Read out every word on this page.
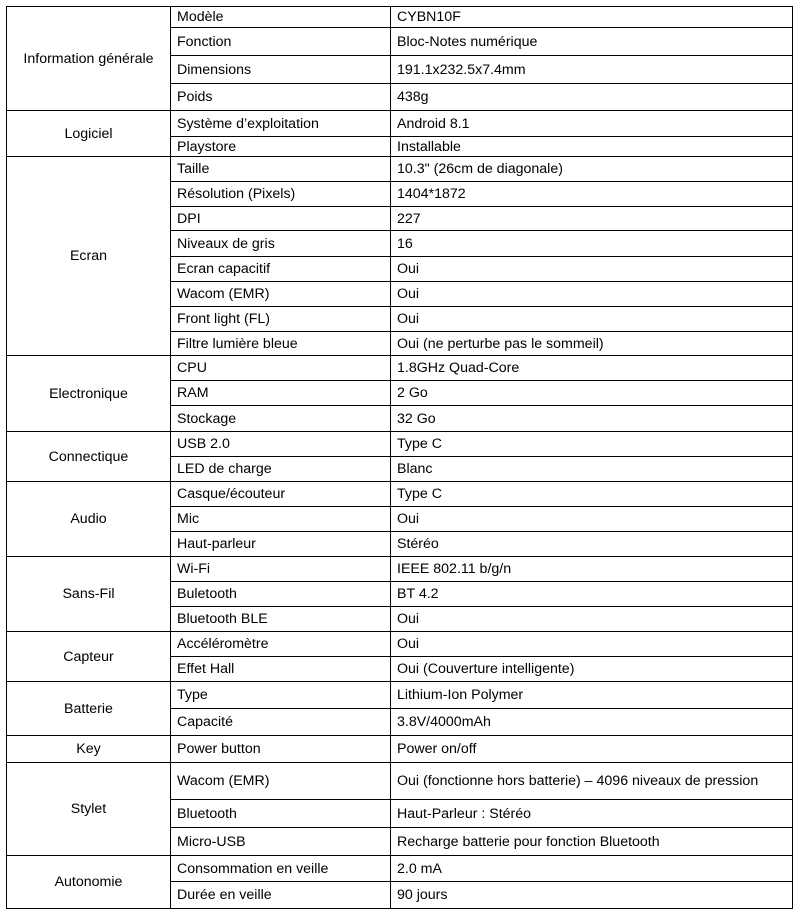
Information générale	Modèle	CYBN10F
	Fonction	Bloc-Notes numérique
	Dimensions	191.1x232.5x7.4mm
	Poids	438g
Logiciel	Système d’exploitation	Android 8.1
	Playstore	Installable
Ecran	Taille	10.3" (26cm de diagonale)
	Résolution (Pixels)	1404*1872
	DPI	227
	Niveaux de gris	16
	Ecran capacitif	Oui
	Wacom (EMR)	Oui
	Front light (FL)	Oui
	Filtre lumière bleue	Oui (ne perturbe pas le sommeil)
Electronique	CPU	1.8GHz Quad-Core
	RAM	2 Go
	Stockage	32 Go
Connectique	USB 2.0	Type C
	LED de charge	Blanc
Audio	Casque/écouteur	Type C
	Mic	Oui
	Haut-parleur	Stéréo
Sans-Fil	Wi-Fi	IEEE 802.11 b/g/n
	Buletooth	BT 4.2
	Bluetooth BLE	Oui
Capteur	Accéléromètre	Oui
	Effet Hall	Oui (Couverture intelligente)
Batterie	Type	Lithium-Ion Polymer
	Capacité	3.8V/4000mAh
Key	Power button	Power on/off
Stylet	Wacom (EMR)	Oui (fonctionne hors batterie) – 4096 niveaux de pression
	Bluetooth	Haut-Parleur : Stéréo
	Micro-USB	Recharge batterie pour fonction Bluetooth
Autonomie	Consommation en veille	2.0 mA
	Durée en veille	90 jours
